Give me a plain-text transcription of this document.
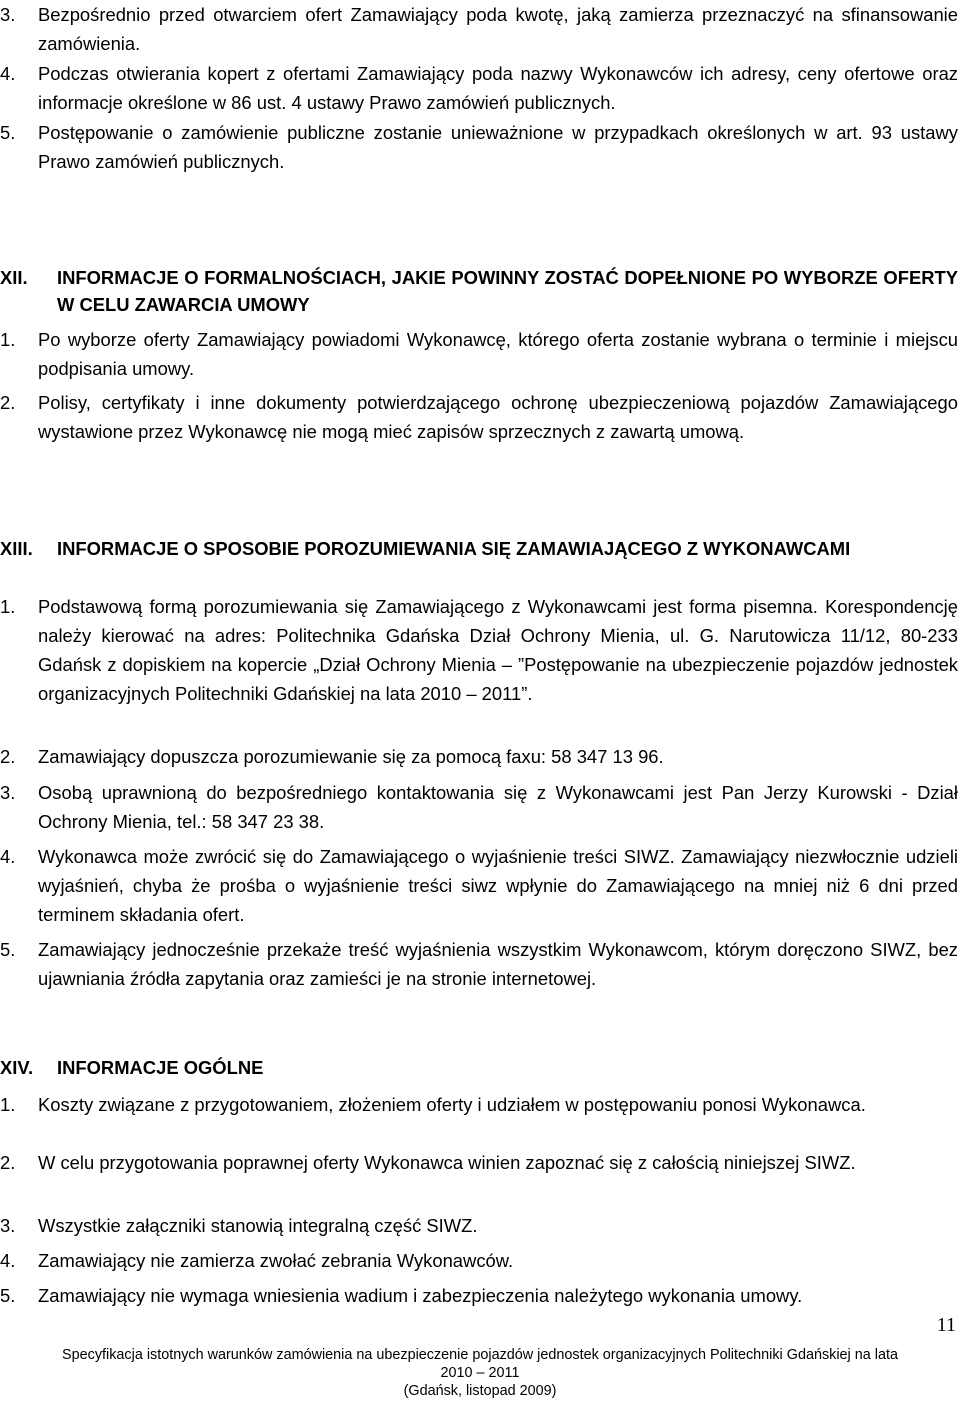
3. Bezpośrednio przed otwarciem ofert Zamawiający poda kwotę, jaką zamierza przeznaczyć na sfinansowanie zamówienia.
4. Podczas otwierania kopert z ofertami Zamawiający poda nazwy Wykonawców ich adresy, ceny ofertowe oraz informacje określone w 86 ust. 4 ustawy Prawo zamówień publicznych.
5. Postępowanie o zamówienie publiczne zostanie unieważnione w przypadkach określonych w art. 93 ustawy Prawo zamówień publicznych.
XII. INFORMACJE O FORMALNOŚCIACH, JAKIE POWINNY ZOSTAĆ DOPEŁNIONE PO WYBORZE OFERTY W CELU ZAWARCIA UMOWY
1. Po wyborze oferty Zamawiający powiadomi Wykonawcę, którego oferta zostanie wybrana o terminie i miejscu podpisania umowy.
2. Polisy, certyfikaty i inne dokumenty potwierdzającego ochronę ubezpieczeniową pojazdów Zamawiającego wystawione przez Wykonawcę nie mogą mieć zapisów sprzecznych z zawartą umową.
XIII. INFORMACJE O SPOSOBIE POROZUMIEWANIA SIĘ ZAMAWIAJĄCEGO Z WYKONAWCAMI
1. Podstawową formą porozumiewania się Zamawiającego z Wykonawcami jest forma pisemna. Korespondencję należy kierować na adres: Politechnika Gdańska Dział Ochrony Mienia, ul. G. Narutowicza 11/12, 80-233 Gdańsk z dopiskiem na kopercie „Dział Ochrony Mienia – ”Postępowanie na ubezpieczenie pojazdów jednostek organizacyjnych Politechniki Gdańskiej na lata 2010 – 2011”.
2. Zamawiający dopuszcza porozumiewanie się za pomocą faxu: 58 347 13 96.
3. Osobą uprawnioną do bezpośredniego kontaktowania się z Wykonawcami jest Pan Jerzy Kurowski - Dział Ochrony Mienia, tel.: 58 347 23 38.
4. Wykonawca może zwrócić się do Zamawiającego o wyjaśnienie treści SIWZ. Zamawiający niezwłocznie udzieli wyjaśnień, chyba że prośba o wyjaśnienie treści siwz wpłynie do Zamawiającego na mniej niż 6 dni przed terminem składania ofert.
5. Zamawiający jednocześnie przekaże treść wyjaśnienia wszystkim Wykonawcom, którym doręczono SIWZ, bez ujawniania źródła zapytania oraz zamieści je na stronie internetowej.
XIV. INFORMACJE OGÓLNE
1. Koszty związane z przygotowaniem, złożeniem oferty i udziałem w postępowaniu ponosi Wykonawca.
2. W celu przygotowania poprawnej oferty Wykonawca winien zapoznać się z całością niniejszej SIWZ.
3. Wszystkie załączniki stanowią integralną część SIWZ.
4. Zamawiający nie zamierza zwołać zebrania Wykonawców.
5. Zamawiający nie wymaga wniesienia wadium i zabezpieczenia należytego wykonania umowy.
11
Specyfikacja istotnych warunków zamówienia na ubezpieczenie pojazdów jednostek organizacyjnych Politechniki Gdańskiej na lata
2010 – 2011
(Gdańsk, listopad 2009)
